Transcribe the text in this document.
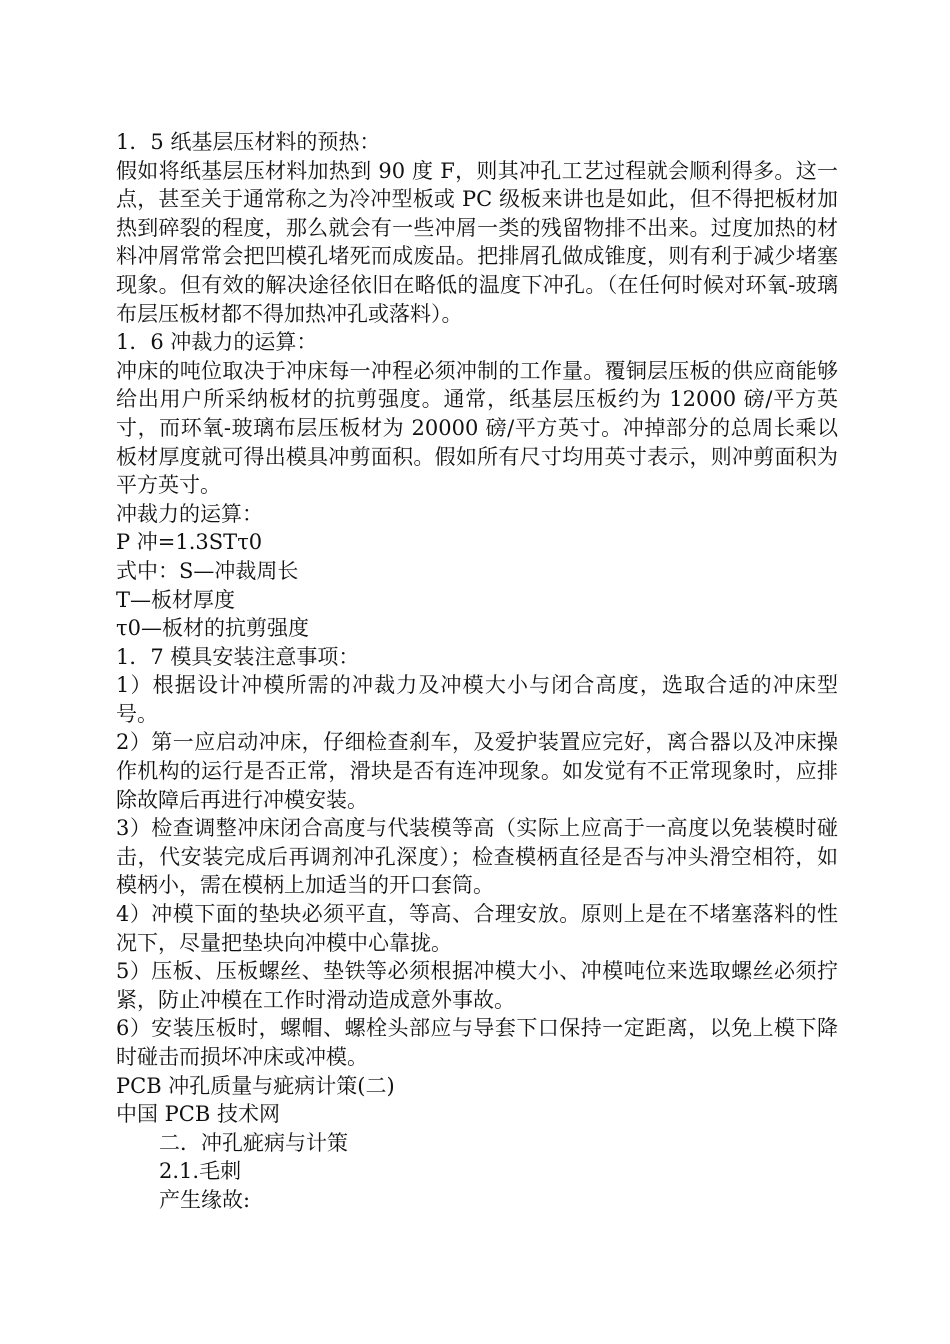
1．5 纸基层压材料的预热：

假如将纸基层压材料加热到 90 度 F，则其冲孔工艺过程就会顺利得多。这一点，甚至关于通常称之为冷冲型板或 PC 级板来讲也是如此，但不得把板材加热到碎裂的程度，那么就会有一些冲屑一类的残留物排不出来。过度加热的材料冲屑常常会把凹模孔堵死而成废品。把排屑孔做成锥度，则有利于减少堵塞现象。但有效的解决途径依旧在略低的温度下冲孔。（在任何时候对环氧-玻璃布层压板材都不得加热冲孔或落料）。

1．6 冲裁力的运算：

冲床的吨位取决于冲床每一冲程必须冲制的工作量。覆铜层压板的供应商能够给出用户所采纳板材的抗剪强度。通常，纸基层压板约为 12000 磅/平方英寸，而环氧-玻璃布层压板材为 20000 磅/平方英寸。冲掉部分的总周长乘以板材厚度就可得出模具冲剪面积。假如所有尺寸均用英寸表示，则冲剪面积为平方英寸。

冲裁力的运算：

P 冲=1.3STτ0

式中：S—冲裁周长

T—板材厚度

τ0—板材的抗剪强度

1．7 模具安装注意事项：

1）根据设计冲模所需的冲裁力及冲模大小与闭合高度，选取合适的冲床型号。

2）第一应启动冲床，仔细检查刹车，及爱护装置应完好，离合器以及冲床操作机构的运行是否正常，滑块是否有连冲现象。如发觉有不正常现象时，应排除故障后再进行冲模安装。

3）检查调整冲床闭合高度与代装模等高（实际上应高于一高度以免装模时碰击，代安装完成后再调剂冲孔深度）；检查模柄直径是否与冲头滑空相符，如模柄小，需在模柄上加适当的开口套筒。

4）冲模下面的垫块必须平直，等高、合理安放。原则上是在不堵塞落料的性况下，尽量把垫块向冲模中心靠拢。

5）压板、压板螺丝、垫铁等必须根据冲模大小、冲模吨位来选取螺丝必须拧紧，防止冲模在工作时滑动造成意外事故。

6）安装压板时，螺帽、螺栓头部应与导套下口保持一定距离，以免上模下降时碰击而损坏冲床或冲模。

PCB 冲孔质量与疵病计策(二)

中国 PCB 技术网

二．冲孔疵病与计策

2.1.毛刺

产生缘故:
